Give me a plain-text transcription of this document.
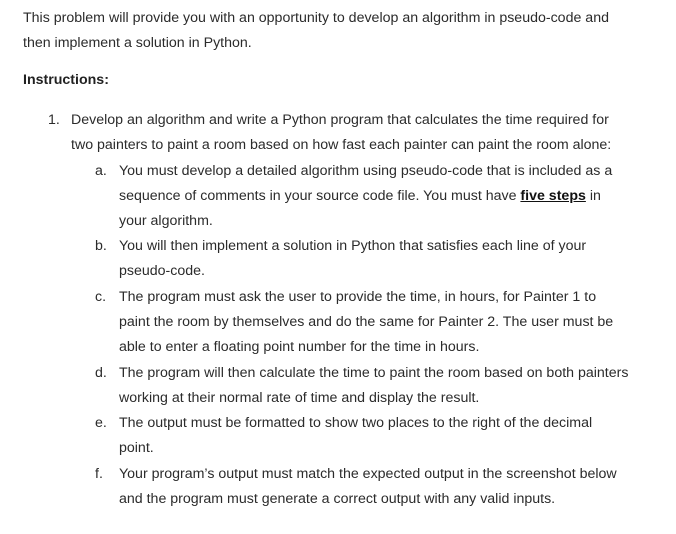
This problem will provide you with an opportunity to develop an algorithm in pseudo-code and
then implement a solution in Python.

Instructions:

1. Develop an algorithm and write a Python program that calculates the time required for
two painters to paint a room based on how fast each painter can paint the room alone:
a. You must develop a detailed algorithm using pseudo-code that is included as a
sequence of comments in your source code file. You must have five steps in
your algorithm.
b. You will then implement a solution in Python that satisfies each line of your
pseudo-code.
c. The program must ask the user to provide the time, in hours, for Painter 1 to
paint the room by themselves and do the same for Painter 2. The user must be
able to enter a floating point number for the time in hours.
d. The program will then calculate the time to paint the room based on both painters
working at their normal rate of time and display the result.
e. The output must be formatted to show two places to the right of the decimal
point.
f. Your program’s output must match the expected output in the screenshot below
and the program must generate a correct output with any valid inputs.
